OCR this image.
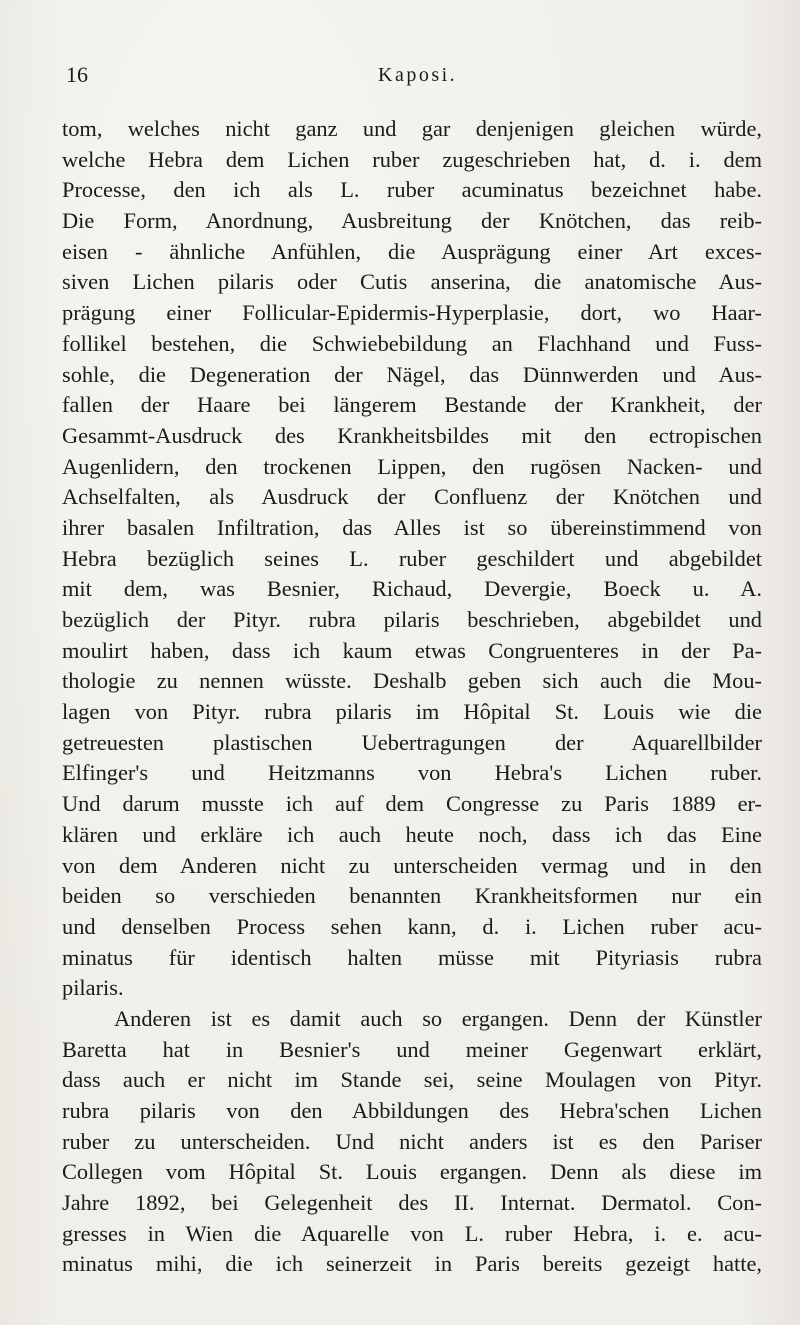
16	Kaposi.
tom, welches nicht ganz und gar denjenigen gleichen würde,
welche Hebra dem Lichen ruber zugeschrieben hat, d. i. dem
Processe, den ich als L. ruber acuminatus bezeichnet habe.
Die Form, Anordnung, Ausbreitung der Knötchen, das reib-
eisen - ähnliche Anfühlen, die Ausprägung einer Art exces-
siven Lichen pilaris oder Cutis anserina, die anatomische Aus-
prägung einer Follicular-Epidermis-Hyperplasie, dort, wo Haar-
follikel bestehen, die Schwiebebildung an Flachhand und Fuss-
sohle, die Degeneration der Nägel, das Dünnwerden und Aus-
fallen der Haare bei längerem Bestande der Krankheit, der
Gesammt-Ausdruck des Krankheitsbildes mit den ectropischen
Augenlidern, den trockenen Lippen, den rugösen Nacken- und
Achselfalten, als Ausdruck der Confluenz der Knötchen und
ihrer basalen Infiltration, das Alles ist so übereinstimmend von
Hebra bezüglich seines L. ruber geschildert und abgebildet
mit dem, was Besnier, Richaud, Devergie, Boeck u. A.
bezüglich der Pityr. rubra pilaris beschrieben, abgebildet und
moulirt haben, dass ich kaum etwas Congruenteres in der Pa-
thologie zu nennen wüsste. Deshalb geben sich auch die Mou-
lagen von Pityr. rubra pilaris im Hôpital St. Louis wie die
getreuesten plastischen Uebertragungen der Aquarellbilder
Elfinger's und Heitzmanns von Hebra's Lichen ruber.
Und darum musste ich auf dem Congresse zu Paris 1889 er-
klären und erkläre ich auch heute noch, dass ich das Eine
von dem Anderen nicht zu unterscheiden vermag und in den
beiden so verschieden benannten Krankheitsformen nur ein
und denselben Process sehen kann, d. i. Lichen ruber acu-
minatus für identisch halten müsse mit Pityriasis rubra
pilaris.
Anderen ist es damit auch so ergangen. Denn der Künstler
Baretta hat in Besnier's und meiner Gegenwart erklärt,
dass auch er nicht im Stande sei, seine Moulagen von Pityr.
rubra pilaris von den Abbildungen des Hebra'schen Lichen
ruber zu unterscheiden. Und nicht anders ist es den Pariser
Collegen vom Hôpital St. Louis ergangen. Denn als diese im
Jahre 1892, bei Gelegenheit des II. Internat. Dermatol. Con-
gresses in Wien die Aquarelle von L. ruber Hebra, i. e. acu-
minatus mihi, die ich seinerzeit in Paris bereits gezeigt hatte,
